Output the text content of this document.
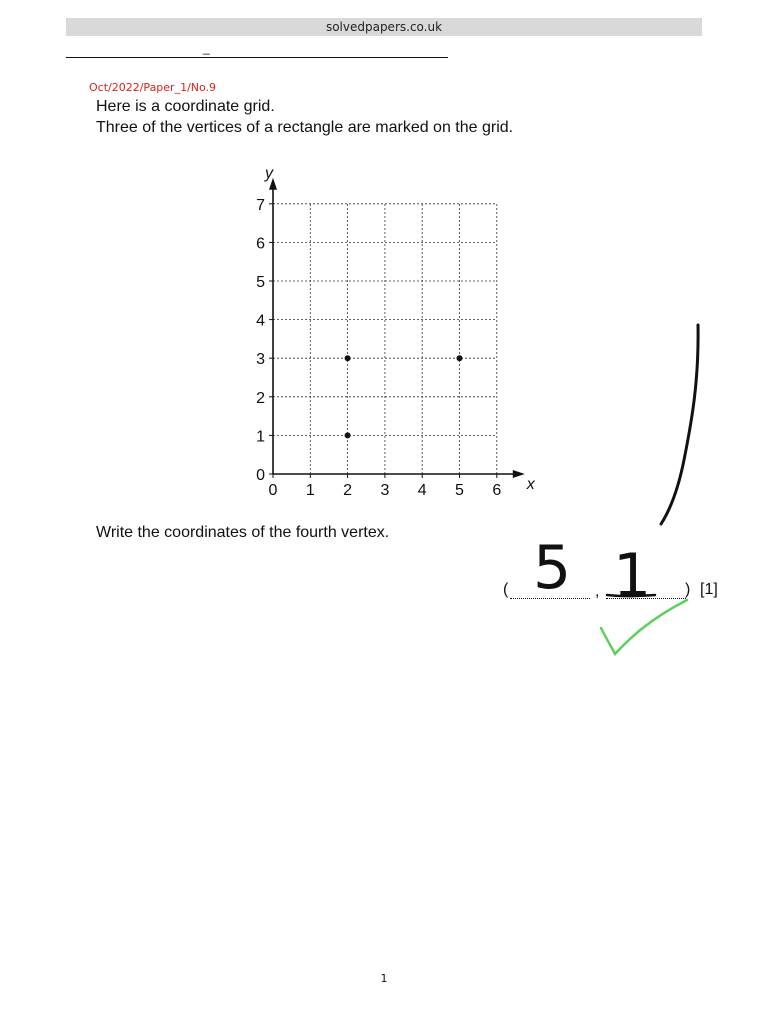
solvedpapers.co.uk
_
Oct/2022/Paper_1/No.9
Here is a coordinate grid.
Three of the vertices of a rectangle are marked on the grid.
0 1 2 3 4 5 6
0
1
2
3
4
5
6
7
x
y
Write the coordinates of the fourth vertex.
(	,	) [1]
5 1
1
